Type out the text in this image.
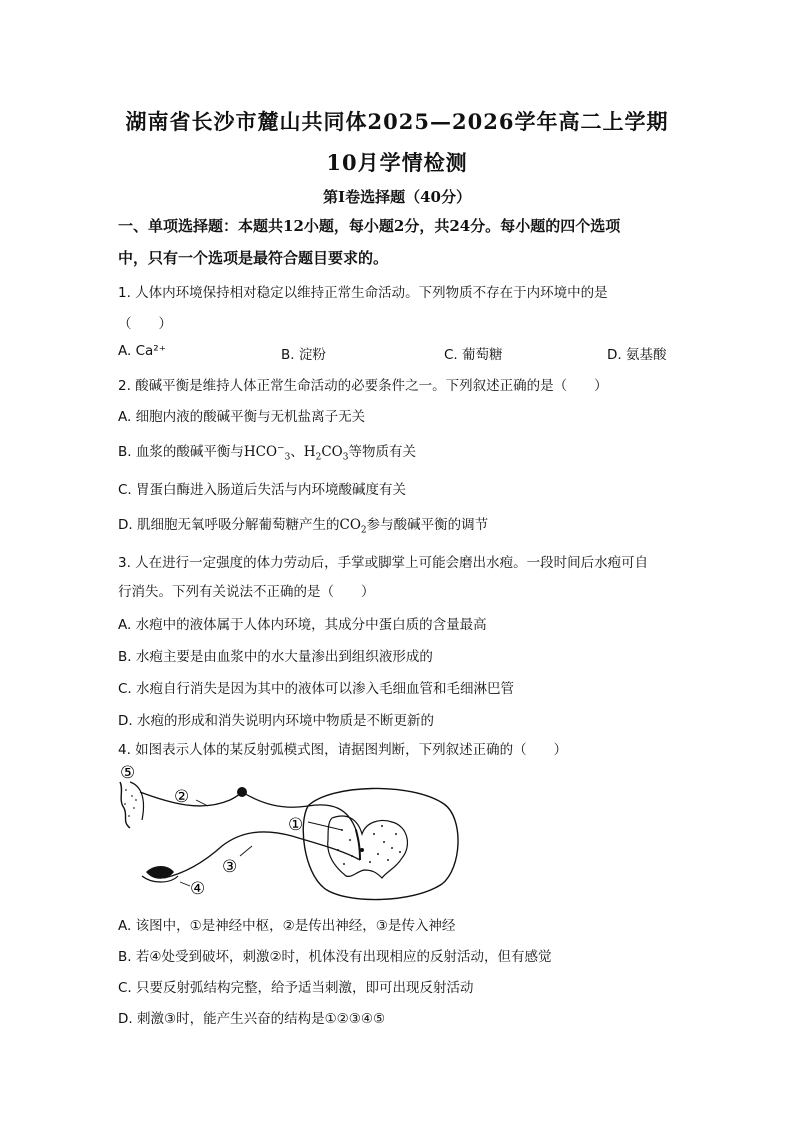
湖南省长沙市麓山共同体2025—2026学年高二上学期
10月学情检测
第Ⅰ卷选择题（40分）
一、单项选择题：本题共12小题，每小题2分，共24分。每小题的四个选项
中，只有一个选项是最符合题目要求的。
1. 人体内环境保持相对稳定以维持正常生命活动。下列物质不存在于内环境中的是
（　　）
A. Ca²⁺	B. 淀粉	C. 葡萄糖	D. 氨基酸
2. 酸碱平衡是维持人体正常生命活动的必要条件之一。下列叙述正确的是（　　）
A. 细胞内液的酸碱平衡与无机盐离子无关
B. 血浆的酸碱平衡与$HCO^-_3$、$H_2CO_3$等物质有关
C. 胃蛋白酶进入肠道后失活与内环境酸碱度有关
D. 肌细胞无氧呼吸分解葡萄糖产生的$CO_2$参与酸碱平衡的调节
3. 人在进行一定强度的体力劳动后，手掌或脚掌上可能会磨出水疱。一段时间后水疱可自
行消失。下列有关说法不正确的是（　　）
A. 水疱中的液体属于人体内环境，其成分中蛋白质的含量最高
B. 水疱主要是由血浆中的水大量渗出到组织液形成的
C. 水疱自行消失是因为其中的液体可以渗入毛细血管和毛细淋巴管
D. 水疱的形成和消失说明内环境中物质是不断更新的
4. 如图表示人体的某反射弧模式图，请据图判断，下列叙述正确的（　　）
⑤
②
①
③
④
A. 该图中，①是神经中枢，②是传出神经，③是传入神经
B. 若④处受到破坏，刺激②时，机体没有出现相应的反射活动，但有感觉
C. 只要反射弧结构完整，给予适当刺激，即可出现反射活动
D. 刺激③时，能产生兴奋的结构是①②③④⑤
